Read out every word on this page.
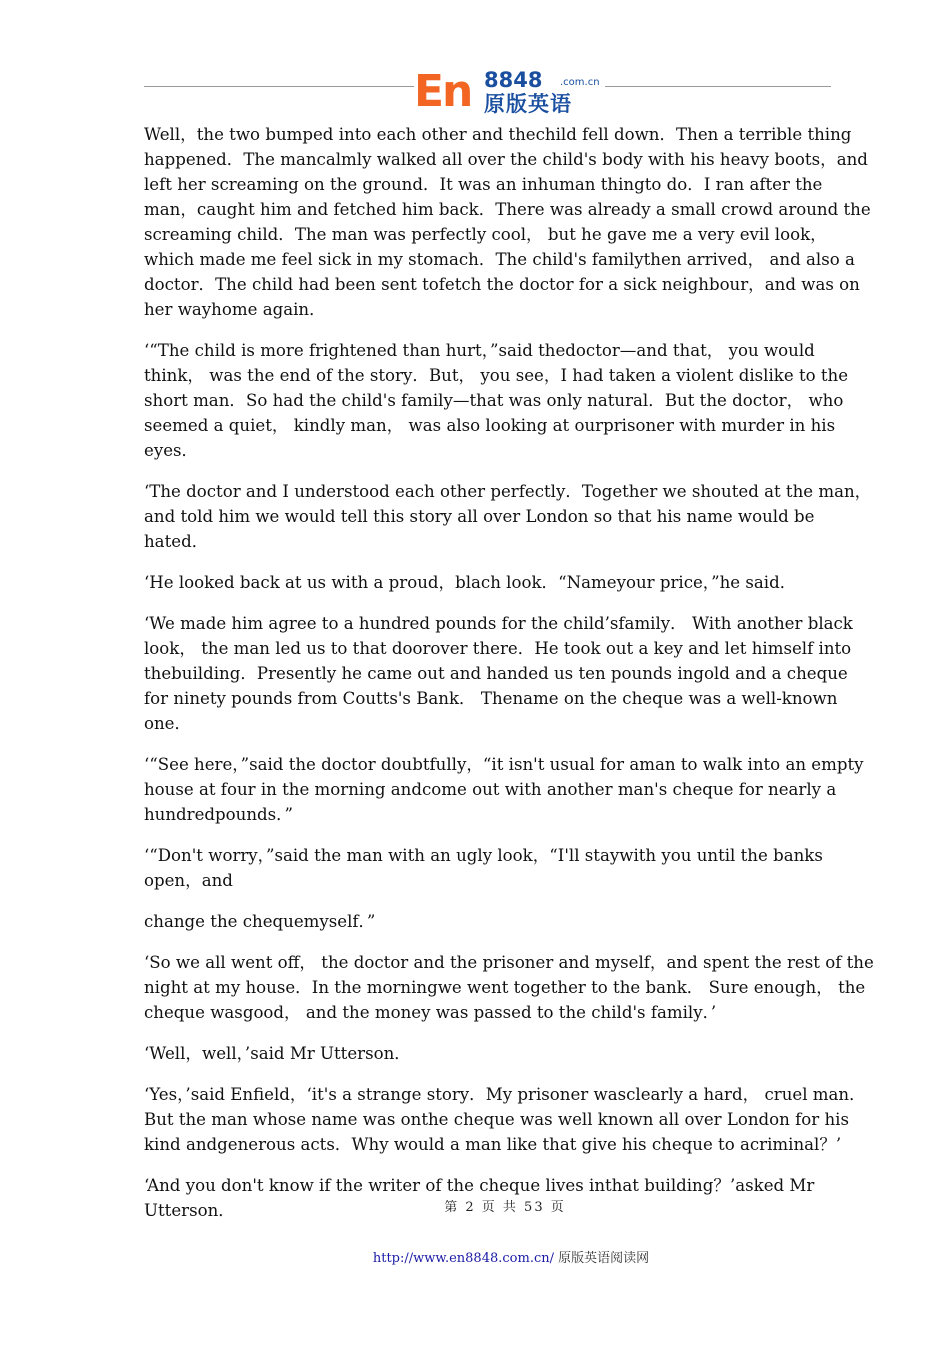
En 8848 .com.cn
原版英语

Well，the two bumped into each other and thechild fell down．Then a terrible thing happened．The mancalmly walked all over the child's body with his heavy boots，and left her screaming on the ground．It was an inhuman thingto do．I ran after the man，caught him and fetched him back．There was already a small crowd around the screaming child．The man was perfectly cool， but he gave me a very evil look，which made me feel sick in my stomach．The child's familythen arrived， and also a doctor．The child had been sent tofetch the doctor for a sick neighbour，and was on her wayhome again．

‘“The child is more frightened than hurt，”said thedoctor—and that， you would think， was the end of the story．But， you see，I had taken a violent dislike to the short man．So had the child's family—that was only natural．But the doctor， who seemed a quiet， kindly man， was also looking at ourprisoner with murder in his eyes．

‘The doctor and I understood each other perfectly．Together we shouted at the man，and told him we would tell this story all over London so that his name would be hated．

‘He looked back at us with a proud，blach look．“Nameyour price，”he said．

‘We made him agree to a hundred pounds for the child’sfamily． With another black look， the man led us to that doorover there．He took out a key and let himself into thebuilding．Presently he came out and handed us ten pounds ingold and a cheque for ninety pounds from Coutts's Bank． Thename on the cheque was a well-known one．

‘“See here，”said the doctor doubtfully，“it isn't usual for aman to walk into an empty house at four in the morning andcome out with another man's cheque for nearly a hundredpounds．”

‘“Don't worry，”said the man with an ugly look，“I'll staywith you until the banks open，and

change the chequemyself．”

‘So we all went off， the doctor and the prisoner and myself，and spent the rest of the night at my house．In the morningwe went together to the bank． Sure enough， the cheque wasgood， and the money was passed to the child's family．’

‘Well，well，’said Mr Utterson．

‘Yes，’said Enfield，‘it's a strange story．My prisoner wasclearly a hard， cruel man． But the man whose name was onthe cheque was well known all over London for his kind andgenerous acts．Why would a man like that give his cheque to acriminal？’

‘And you don't know if the writer of the cheque lives inthat building？’asked Mr Utterson．	第 2 页 共 53 页
http://www.en8848.com.cn/ 原版英语阅读网
